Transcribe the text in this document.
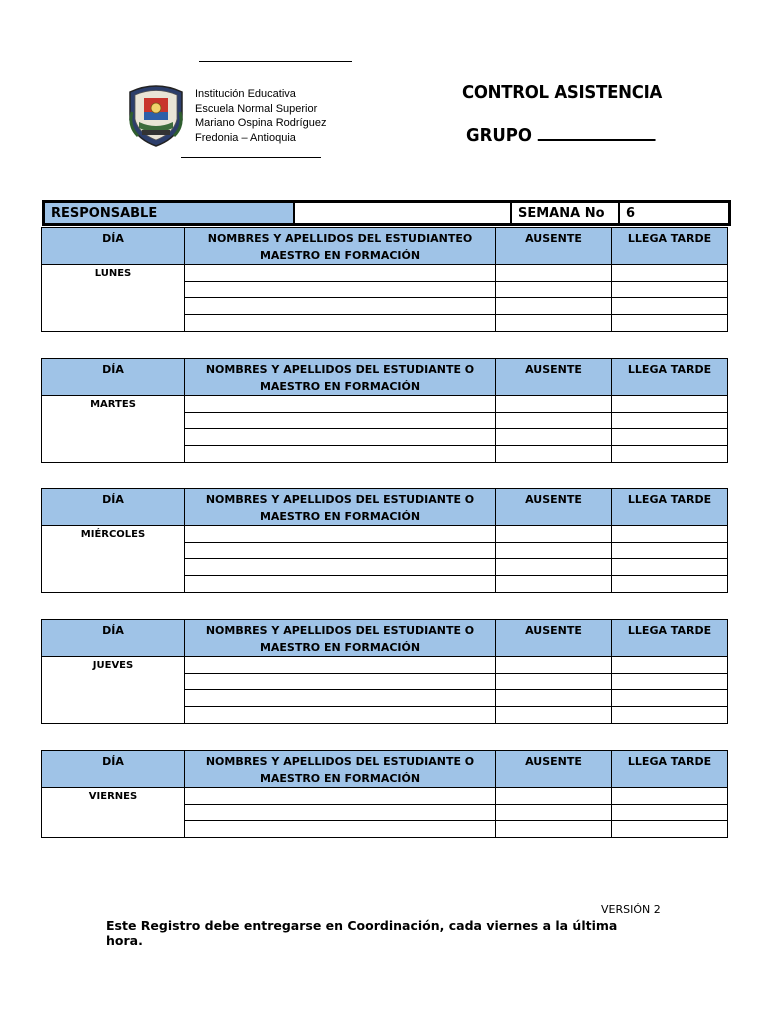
Institución Educativa
Escuela Normal Superior
Mariano Ospina Rodríguez
Fredonia – Antioquia
CONTROL ASISTENCIA
GRUPO
RESPONSABLE	SEMANA No	6
DÍA	NOMBRES Y APELLIDOS DEL ESTUDIANTEO MAESTRO EN FORMACIÓN	AUSENTE	LLEGA TARDE
LUNES			

DÍA	NOMBRES Y APELLIDOS DEL ESTUDIANTE O MAESTRO EN FORMACIÓN	AUSENTE	LLEGA TARDE
MARTES			

DÍA	NOMBRES Y APELLIDOS DEL ESTUDIANTE O MAESTRO EN FORMACIÓN	AUSENTE	LLEGA TARDE
MIÉRCOLES			

DÍA	NOMBRES Y APELLIDOS DEL ESTUDIANTE O MAESTRO EN FORMACIÓN	AUSENTE	LLEGA TARDE
JUEVES			

DÍA	NOMBRES Y APELLIDOS DEL ESTUDIANTE O MAESTRO EN FORMACIÓN	AUSENTE	LLEGA TARDE
VIERNES			

VERSIÓN 2
Este Registro debe entregarse en Coordinación, cada viernes a la última hora.
